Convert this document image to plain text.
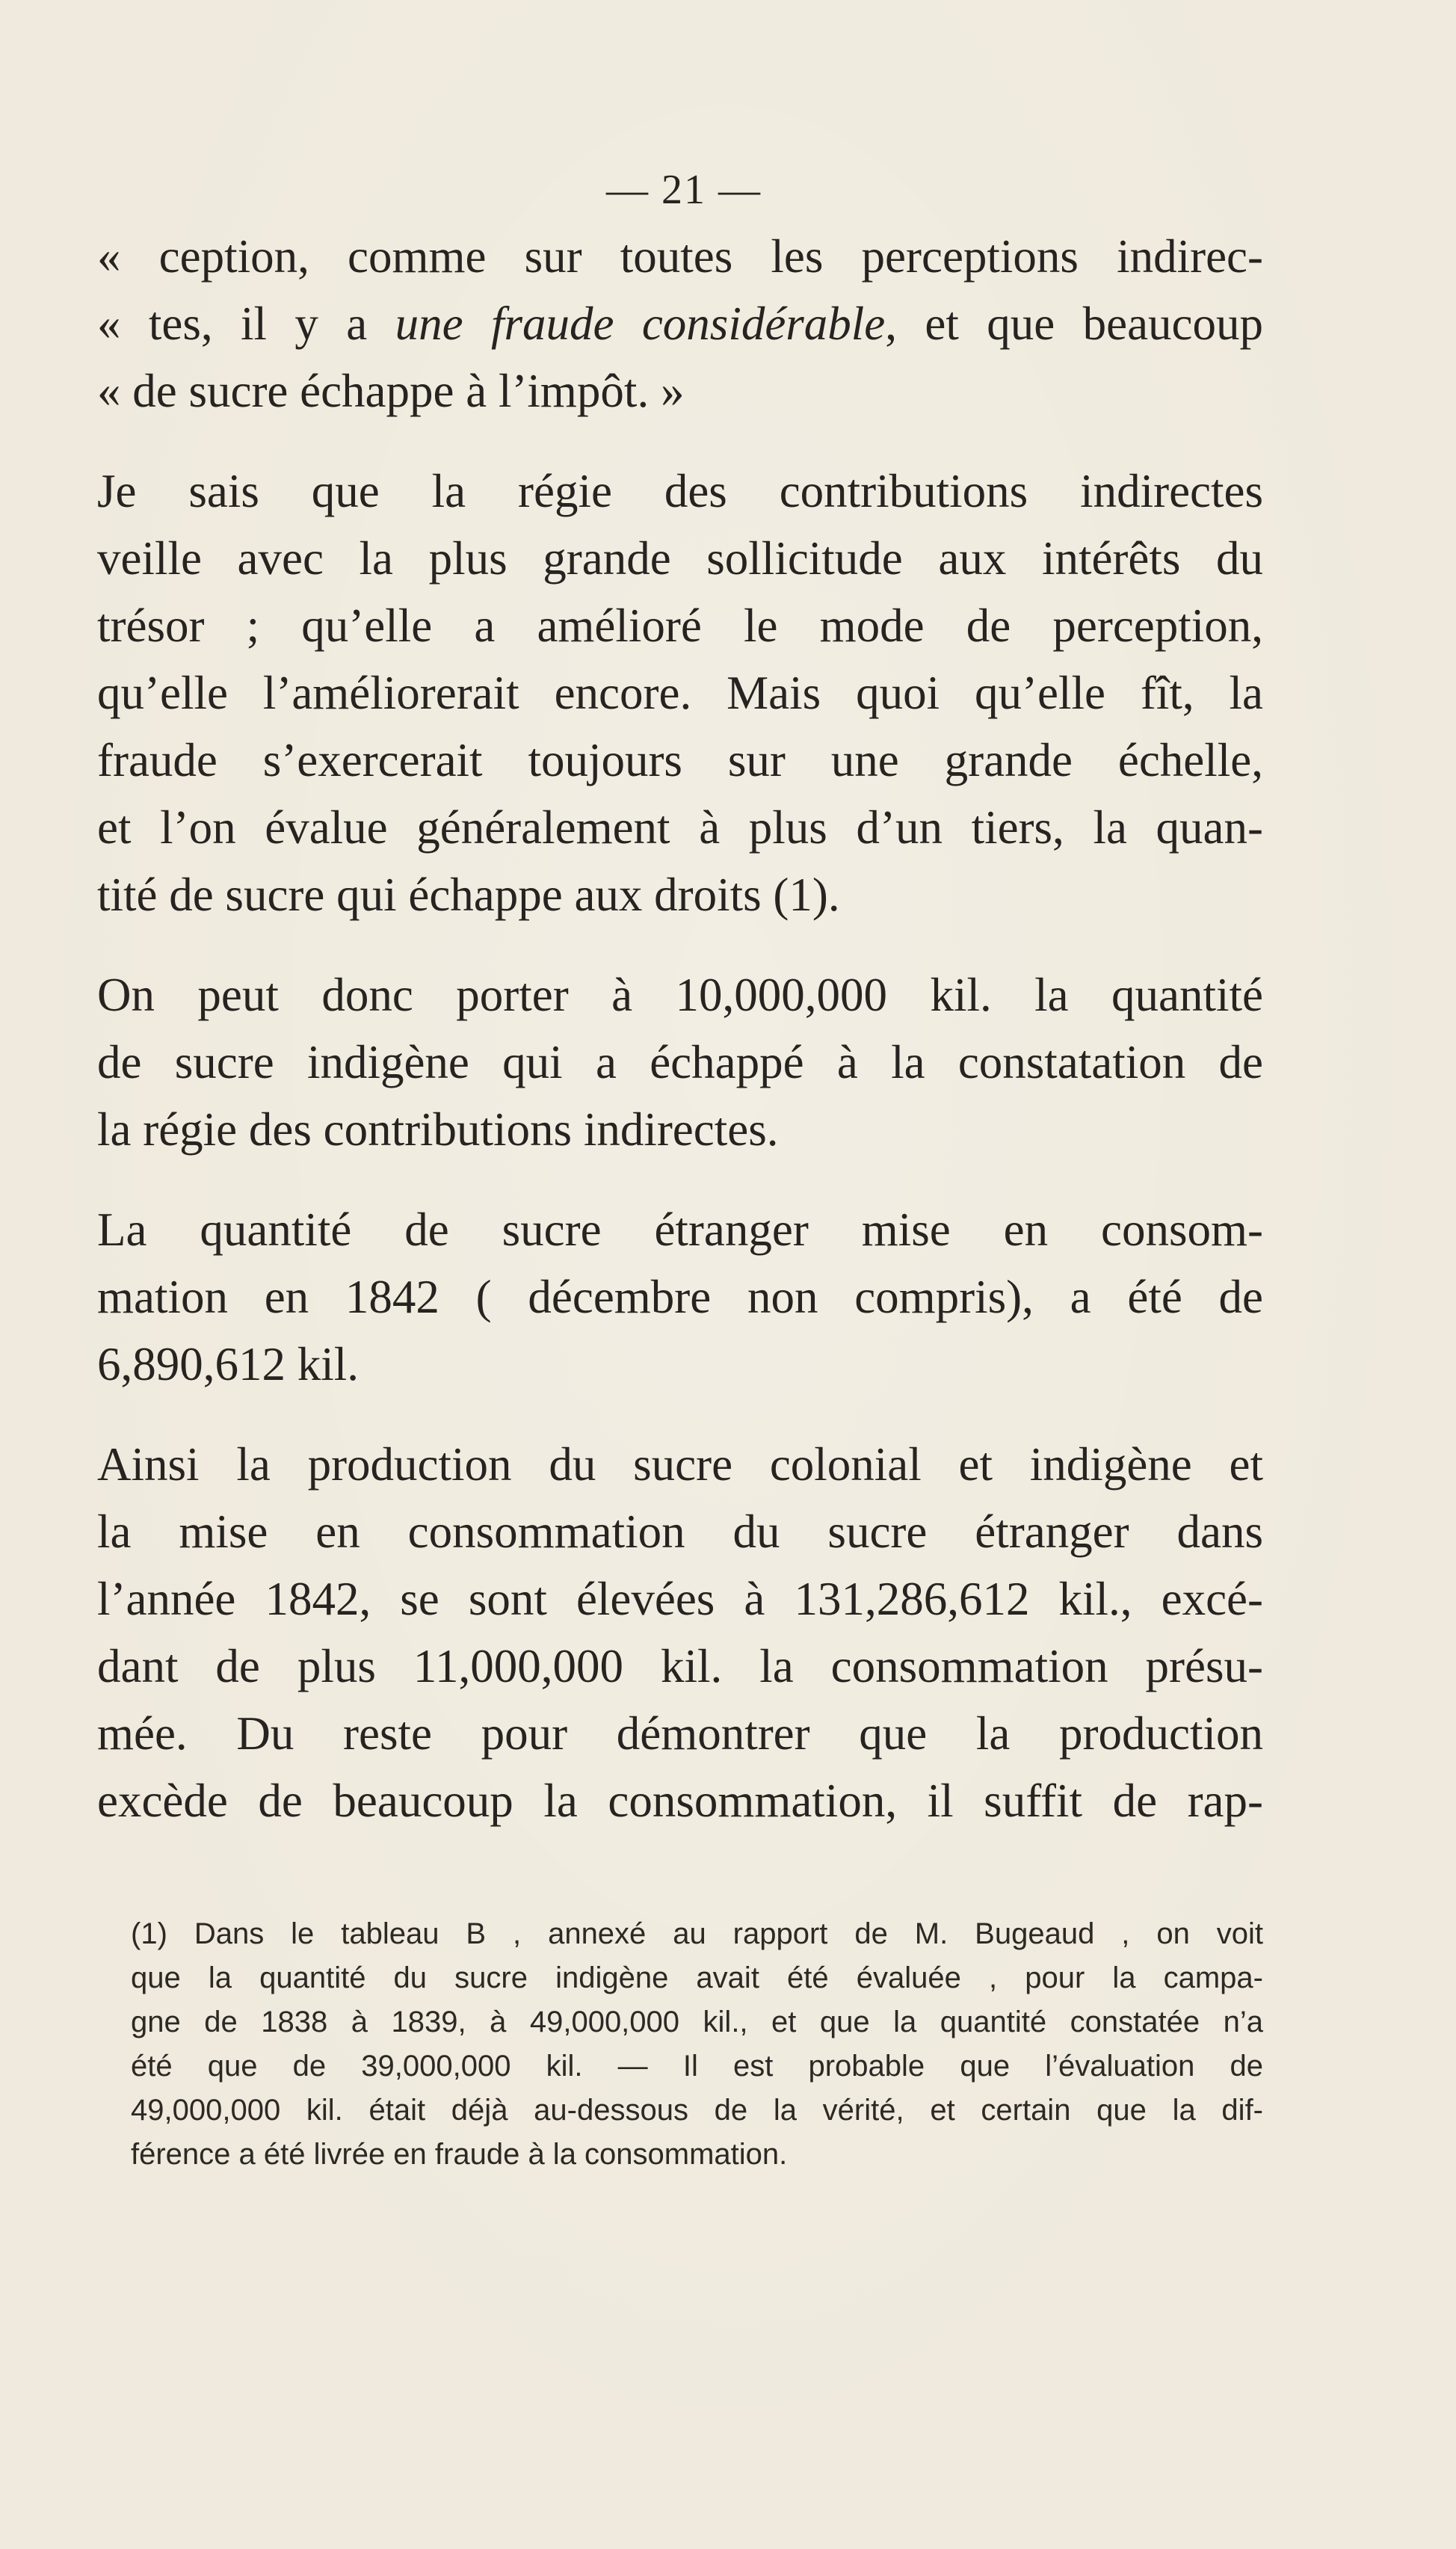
— 21 —

« ception, comme sur toutes les perceptions indirec-
« tes, il y a une fraude considérable, et que beaucoup
« de sucre échappe à l’impôt. »

Je sais que la régie des contributions indirectes
veille avec la plus grande sollicitude aux intérêts du
trésor ; qu’elle a amélioré le mode de perception,
qu’elle l’améliorerait encore. Mais quoi qu’elle fît, la
fraude s’exercerait toujours sur une grande échelle,
et l’on évalue généralement à plus d’un tiers, la quan-
tité de sucre qui échappe aux droits (1).

On peut donc porter à 10,000,000 kil. la quantité
de sucre indigène qui a échappé à la constatation de
la régie des contributions indirectes.

La quantité de sucre étranger mise en consom-
mation en 1842 ( décembre non compris), a été de
6,890,612 kil.

Ainsi la production du sucre colonial et indigène et
la mise en consommation du sucre étranger dans
l’année 1842, se sont élevées à 131,286,612 kil., excé-
dant de plus 11,000,000 kil. la consommation présu-
mée. Du reste pour démontrer que la production
excède de beaucoup la consommation, il suffit de rap-

(1) Dans le tableau B , annexé au rapport de M. Bugeaud , on voit
que la quantité du sucre indigène avait été évaluée , pour la campa-
gne de 1838 à 1839, à 49,000,000 kil., et que la quantité constatée n’a
été que de 39,000,000 kil. — Il est probable que l’évaluation de
49,000,000 kil. était déjà au-dessous de la vérité, et certain que la dif-
férence a été livrée en fraude à la consommation.
